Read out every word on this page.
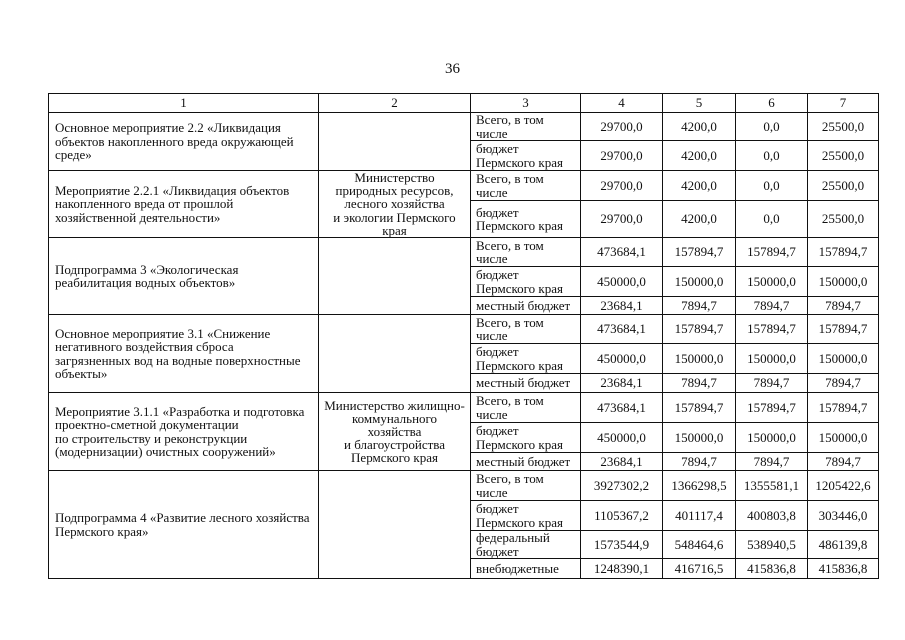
36
1	2	3	4	5	6	7
Основное мероприятие 2.2 «Ликвидация
объектов накопленного вреда окружающей
среде»		Всего, в том
числе	29700,0	4200,0	0,0	25500,0
		бюджет
Пермского края	29700,0	4200,0	0,0	25500,0
Мероприятие 2.2.1 «Ликвидация объектов
накопленного вреда от прошлой
хозяйственной деятельности»	Министерство
природных ресурсов,
лесного хозяйства
и экологии Пермского
края	Всего, в том
числе	29700,0	4200,0	0,0	25500,0
		бюджет
Пермского края	29700,0	4200,0	0,0	25500,0
Подпрограмма 3 «Экологическая
реабилитация водных объектов»		Всего, в том
числе	473684,1	157894,7	157894,7	157894,7
		бюджет
Пермского края	450000,0	150000,0	150000,0	150000,0
		местный бюджет	23684,1	7894,7	7894,7	7894,7
Основное мероприятие 3.1 «Снижение
негативного воздействия сброса
загрязненных вод на водные поверхностные
объекты»		Всего, в том
числе	473684,1	157894,7	157894,7	157894,7
		бюджет
Пермского края	450000,0	150000,0	150000,0	150000,0
		местный бюджет	23684,1	7894,7	7894,7	7894,7
Мероприятие 3.1.1 «Разработка и подготовка
проектно-сметной документации
по строительству и реконструкции
(модернизации) очистных сооружений»	Министерство жилищно-
коммунального
хозяйства
и благоустройства
Пермского края	Всего, в том
числе	473684,1	157894,7	157894,7	157894,7
		бюджет
Пермского края	450000,0	150000,0	150000,0	150000,0
		местный бюджет	23684,1	7894,7	7894,7	7894,7
Подпрограмма 4 «Развитие лесного хозяйства
Пермского края»		Всего, в том
числе	3927302,2	1366298,5	1355581,1	1205422,6
		бюджет
Пермского края	1105367,2	401117,4	400803,8	303446,0
		федеральный
бюджет	1573544,9	548464,6	538940,5	486139,8
		внебюджетные	1248390,1	416716,5	415836,8	415836,8
